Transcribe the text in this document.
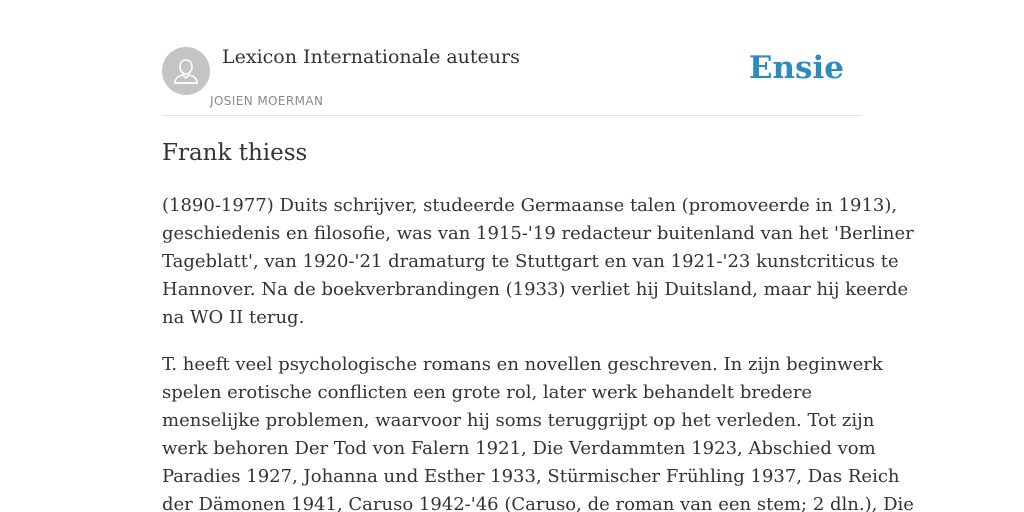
Lexicon Internationale auteurs
JOSIEN MOERMAN
Ensie
Frank thiess

(1890-1977) Duits schrijver, studeerde Germaanse talen (promoveerde in 1913),
geschiedenis en filosofie, was van 1915-'19 redacteur buitenland van het 'Berliner
Tageblatt', van 1920-'21 dramaturg te Stuttgart en van 1921-'23 kunstcriticus te
Hannover. Na de boekverbrandingen (1933) verliet hij Duitsland, maar hij keerde
na WO II terug.

T. heeft veel psychologische romans en novellen geschreven. In zijn beginwerk
spelen erotische conflicten een grote rol, later werk behandelt bredere
menselijke problemen, waarvoor hij soms teruggrijpt op het verleden. Tot zijn
werk behoren Der Tod von Falern 1921, Die Verdammten 1923, Abschied vom
Paradies 1927, Johanna und Esther 1933, Stürmischer Frühling 1937, Das Reich
der Dämonen 1941, Caruso 1942-'46 (Caruso, de roman van een stem; 2 dln.), Die
